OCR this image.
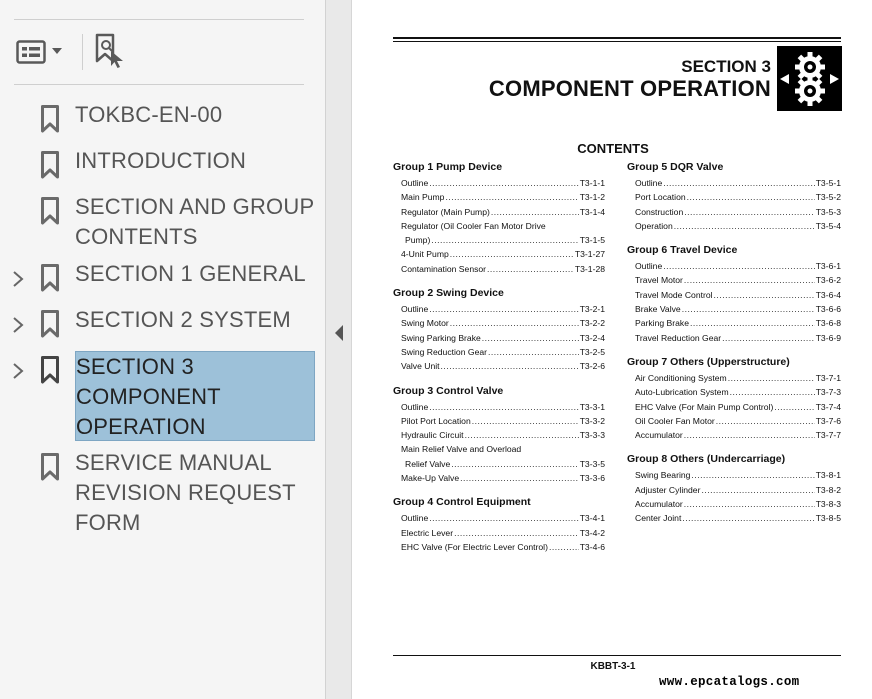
TOKBC-EN-00
INTRODUCTION
SECTION AND GROUP CONTENTS
SECTION 1 GENERAL
SECTION 2 SYSTEM
SECTION 3 COMPONENT OPERATION
SERVICE MANUAL REVISION REQUEST FORM
SECTION 3
COMPONENT OPERATION
CONTENTS
Group 1 Pump Device
Outline .....	T3-1-1
Main Pump .....	T3-1-2
Regulator (Main Pump) .....	T3-1-4
Regulator (Oil Cooler Fan Motor Drive
Pump) .....	T3-1-5
4-Unit Pump .....	T3-1-27
Contamination Sensor .....	T3-1-28
Group 2 Swing Device
Outline .....	T3-2-1
Swing Motor .....	T3-2-2
Swing Parking Brake .....	T3-2-4
Swing Reduction Gear .....	T3-2-5
Valve Unit .....	T3-2-6
Group 3 Control Valve
Outline .....	T3-3-1
Pilot Port Location .....	T3-3-2
Hydraulic Circuit .....	T3-3-3
Main Relief Valve and Overload
Relief Valve .....	T3-3-5
Make-Up Valve .....	T3-3-6
Group 4 Control Equipment
Outline .....	T3-4-1
Electric Lever .....	T3-4-2
EHC Valve (For Electric Lever Control) .....	T3-4-6
Group 5 DQR Valve
Outline .....	T3-5-1
Port Location .....	T3-5-2
Construction .....	T3-5-3
Operation .....	T3-5-4
Group 6 Travel Device
Outline .....	T3-6-1
Travel Motor .....	T3-6-2
Travel Mode Control .....	T3-6-4
Brake Valve .....	T3-6-6
Parking Brake .....	T3-6-8
Travel Reduction Gear .....	T3-6-9
Group 7 Others (Upperstructure)
Air Conditioning System .....	T3-7-1
Auto-Lubrication System .....	T3-7-3
EHC Valve (For Main Pump Control) .....	T3-7-4
Oil Cooler Fan Motor .....	T3-7-6
Accumulator .....	T3-7-7
Group 8 Others (Undercarriage)
Swing Bearing .....	T3-8-1
Adjuster Cylinder .....	T3-8-2
Accumulator .....	T3-8-3
Center Joint .....	T3-8-5
KBBT-3-1
www.epcatalogs.com
